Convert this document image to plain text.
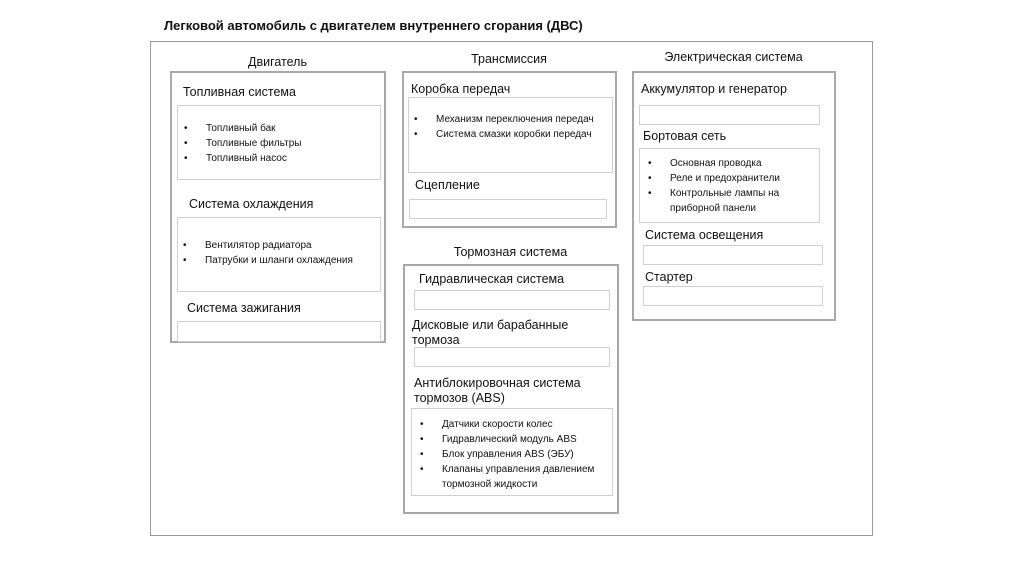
Легковой автомобиль с двигателем внутреннего сгорания (ДВС)
Двигатель
Топливная система
• Топливный бак
• Топливные фильтры
• Топливный насос
Система охлаждения
• Вентилятор радиатора
• Патрубки и шланги охлаждения
Система зажигания
Трансмиссия
Коробка передач
• Механизм переключения передач
• Система смазки коробки передач
Сцепление
Тормозная система
Гидравлическая система
Дисковые или барабанные тормоза
Антиблокировочная система тормозов (ABS)
• Датчики скорости колес
• Гидравлический модуль ABS
• Блок управления ABS (ЭБУ)
• Клапаны управления давлением тормозной жидкости
Электрическая система
Аккумулятор и генератор
Бортовая сеть
• Основная проводка
• Реле и предохранители
• Контрольные лампы на приборной панели
Система освещения
Стартер
